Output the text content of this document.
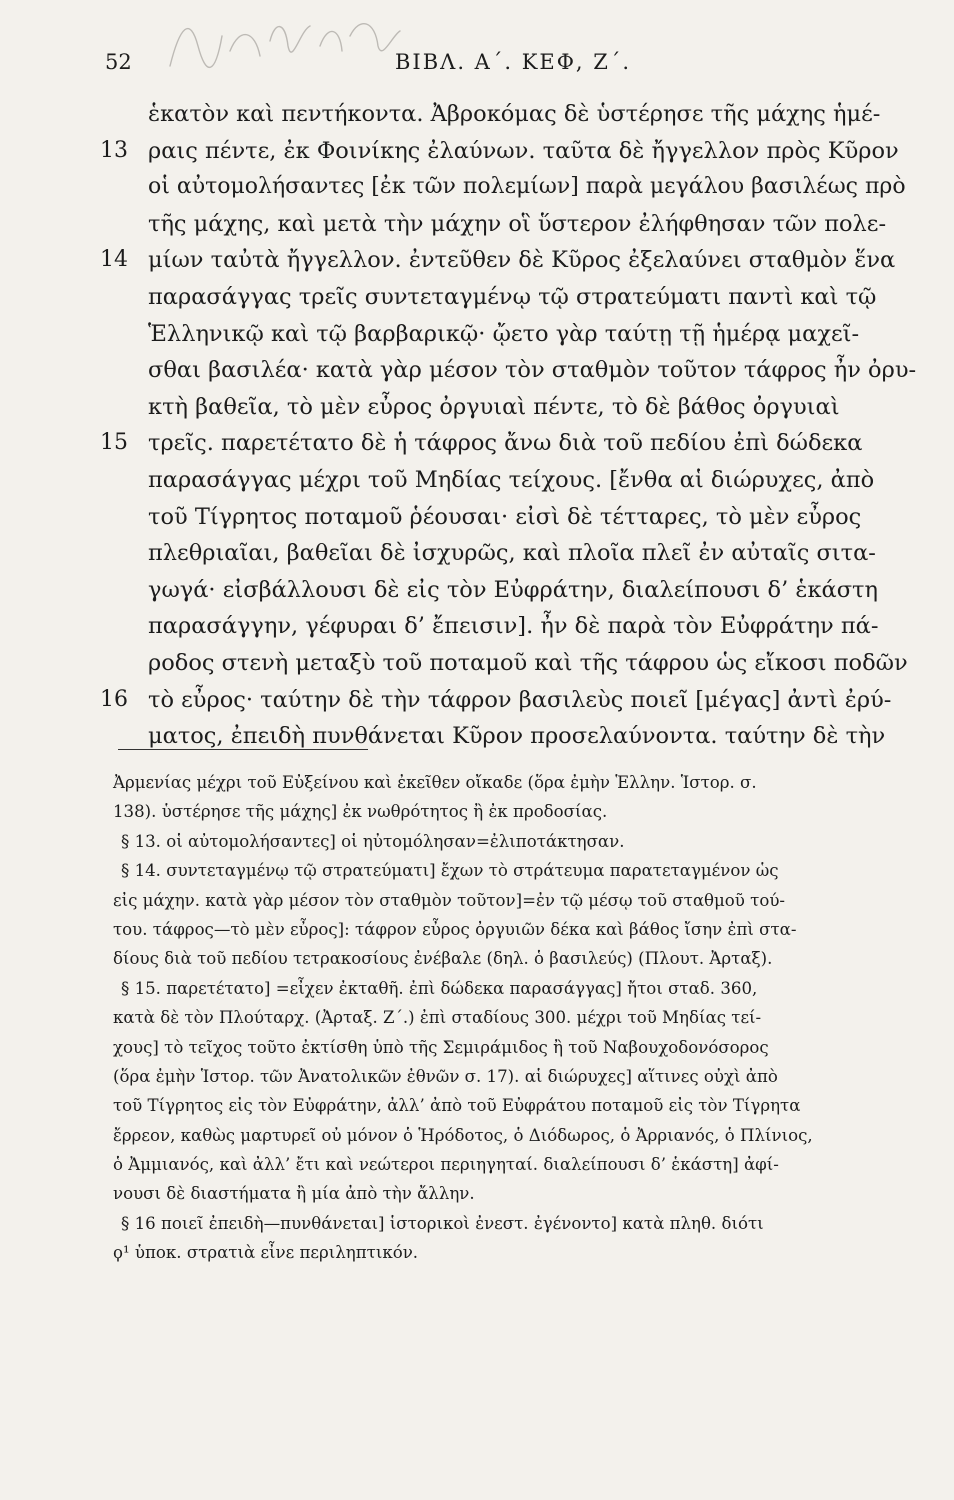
52	ΒΙΒΛ. Α΄. ΚΕΦ, Ζ΄.
ἑκατὸν καὶ πεντήκοντα. Ἀβροκόμας δὲ ὑστέρησε τῆς μάχης ἡμέ-
13 ραις πέντε, ἐκ Φοινίκης ἐλαύνων. ταῦτα δὲ ἤγγελλον πρὸς Κῦρον
οἱ αὐτομολήσαντες [ἐκ τῶν πολεμίων] παρὰ μεγάλου βασιλέως πρὸ
τῆς μάχης, καὶ μετὰ τὴν μάχην οἳ ὕστερον ἐλήφθησαν τῶν πολε-
14 μίων ταὐτὰ ἤγγελλον. ἐντεῦθεν δὲ Κῦρος ἐξελαύνει σταθμὸν ἕνα
παρασάγγας τρεῖς συντεταγμένῳ τῷ στρατεύματι παντὶ καὶ τῷ
Ἑλληνικῷ καὶ τῷ βαρβαρικῷ· ᾤετο γὰρ ταύτῃ τῇ ἡμέρᾳ μαχεῖ-
σθαι βασιλέα· κατὰ γὰρ μέσον τὸν σταθμὸν τοῦτον τάφρος ἦν ὀρυ-
κτὴ βαθεῖα, τὸ μὲν εὖρος ὀργυιαὶ πέντε, τὸ δὲ βάθος ὀργυιαὶ
15 τρεῖς. παρετέτατο δὲ ἡ τάφρος ἄνω διὰ τοῦ πεδίου ἐπὶ δώδεκα
παρασάγγας μέχρι τοῦ Μηδίας τείχους. [ἔνθα αἱ διώρυχες, ἀπὸ
τοῦ Τίγρητος ποταμοῦ ῥέουσαι· εἰσὶ δὲ τέτταρες, τὸ μὲν εὖρος
πλεθριαῖαι, βαθεῖαι δὲ ἰσχυρῶς, καὶ πλοῖα πλεῖ ἐν αὐταῖς σιτα-
γωγά· εἰσβάλλουσι δὲ εἰς τὸν Εὐφράτην, διαλείπουσι δ’ ἑκάστη
παρασάγγην, γέφυραι δ’ ἔπεισιν]. ἦν δὲ παρὰ τὸν Εὐφράτην πά-
ροδος στενὴ μεταξὺ τοῦ ποταμοῦ καὶ τῆς τάφρου ὡς εἴκοσι ποδῶν
16 τὸ εὖρος· ταύτην δὲ τὴν τάφρον βασιλεὺς ποιεῖ [μέγας] ἀντὶ ἐρύ-
ματος, ἐπειδὴ πυνθάνεται Κῦρον προσελαύνοντα. ταύτην δὲ τὴν
Ἀρμενίας μέχρι τοῦ Εὐξείνου καὶ ἐκεῖθεν οἴκαδε (ὅρα ἐμὴν Ἑλλην. Ἱστορ. σ.
138). ὑστέρησε τῆς μάχης] ἐκ νωθρότητος ἢ ἐκ προδοσίας.
§ 13. οἱ αὐτομολήσαντες] οἱ ηὐτομόλησαν=ἐλιποτάκτησαν.
§ 14. συντεταγμένῳ τῷ στρατεύματι] ἔχων τὸ στράτευμα παρατεταγμένον ὡς
εἰς μάχην. κατὰ γὰρ μέσον τὸν σταθμὸν τοῦτον]=ἐν τῷ μέσῳ τοῦ σταθμοῦ τού-
του. τάφρος—τὸ μὲν εὖρος]: τάφρον εὖρος ὀργυιῶν δέκα καὶ βάθος ἴσην ἐπὶ στα-
δίους διὰ τοῦ πεδίου τετρακοσίους ἐνέβαλε (δηλ. ὁ βασιλεύς) (Πλουτ. Ἀρταξ).
§ 15. παρετέτατο] =εἶχεν ἐκταθῆ. ἐπὶ δώδεκα παρασάγγας] ἤτοι σταδ. 360,
κατὰ δὲ τὸν Πλούταρχ. (Ἀρταξ. Ζ΄.) ἐπὶ σταδίους 300. μέχρι τοῦ Μηδίας τεί-
χους] τὸ τεῖχος τοῦτο ἐκτίσθη ὑπὸ τῆς Σεμιράμιδος ἢ τοῦ Ναβουχοδονόσορος
(ὅρα ἐμὴν Ἱστορ. τῶν Ἀνατολικῶν ἐθνῶν σ. 17). αἱ διώρυχες] αἵτινες οὐχὶ ἀπὸ
τοῦ Τίγρητος εἰς τὸν Εὐφράτην, ἀλλ’ ἀπὸ τοῦ Εὐφράτου ποταμοῦ εἰς τὸν Τίγρητα
ἔρρεον, καθὼς μαρτυρεῖ οὐ μόνον ὁ Ἡρόδοτος, ὁ Διόδωρος, ὁ Ἀρριανός, ὁ Πλίνιος,
ὁ Ἀμμιανός, καὶ ἀλλ’ ἔτι καὶ νεώτεροι περιηγηταί. διαλείπουσι δ’ ἑκάστη] ἀφί-
νουσι δὲ διαστήματα ἢ μία ἀπὸ τὴν ἄλλην.
§ 16 ποιεῖ ἐπειδὴ—πυνθάνεται] ἱστορικοὶ ἐνεστ. ἐγένοντο] κατὰ πληθ. διότι
ϙ¹ ὑποκ. στρατιὰ εἶνε περιληπτικόν.
